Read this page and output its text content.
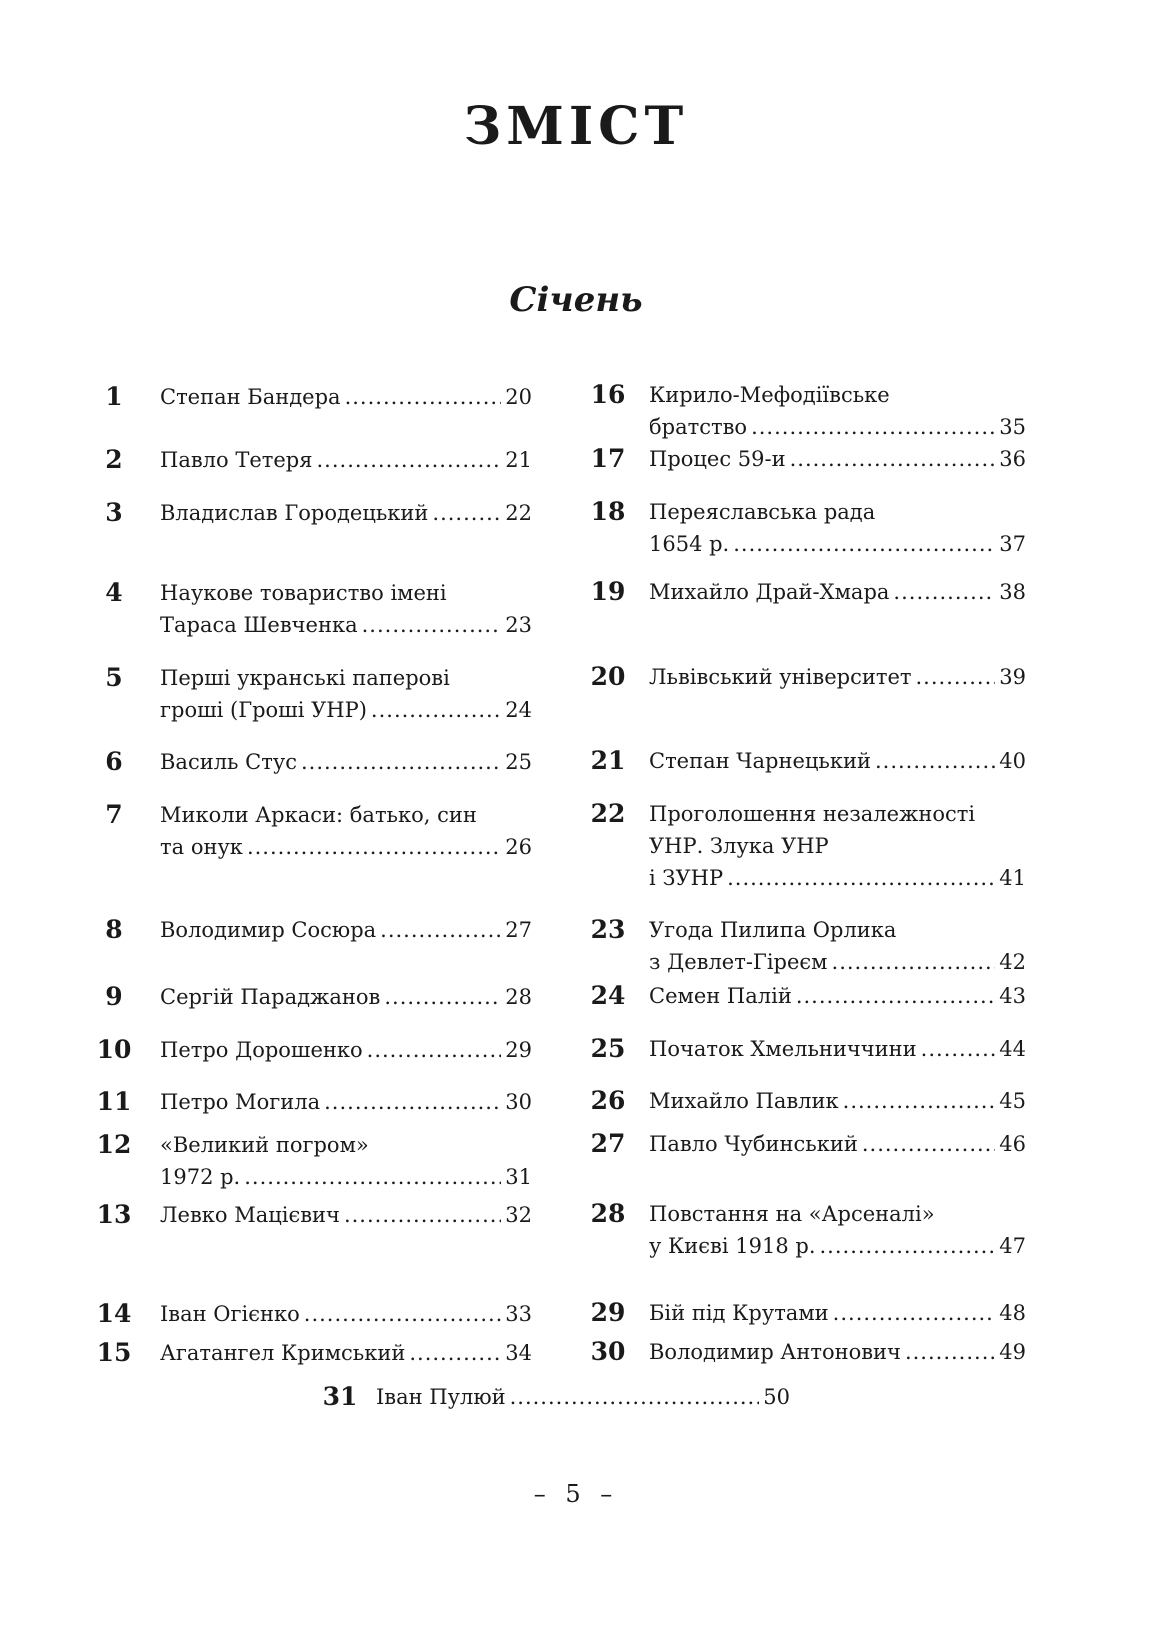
ЗМІСТ
Січень
1	Степан Бандера .....	20
2	Павло Тетеря .....	21
3	Владислав Городецький .....	22
4	Наукове товариство імені
Тараса Шевченка .....	23
5	Перші укранські паперові
гроші (Гроші УНР) .....	24
6	Василь Стус .....	25
7	Миколи Аркаси: батько, син
та онук .....	26
8	Володимир Сосюра .....	27
9	Сергій Параджанов .....	28
10 Петро Дорошенко .....	29
11 Петро Могила .....	30
12 «Великий погром»
1972 р. .....	31
13 Левко Мацієвич .....	32
14 Іван Огієнко .....	33
15 Агатангел Кримський .....	34
16 Кирило-Мефодіївське
братство .....	35
17 Процес 59-и .....	36
18 Переяславська рада
1654 р. .....	37
19 Михайло Драй-Хмара .....	38
20 Львівський університет .....	39
21 Степан Чарнецький .....	40
22 Проголошення незалежності
УНР. Злука УНР
і ЗУНР .....	41
23 Угода Пилипа Орлика
з Девлет-Гіреєм .....	42
24 Семен Палій .....	43
25 Початок Хмельниччини .....	44
26 Михайло Павлик .....	45
27 Павло Чубинський .....	46
28 Повстання на «Арсеналі»
у Києві 1918 р. .....	47
29 Бій під Крутами .....	48
30 Володимир Антонович .....	49
31 Іван Пулюй .....	50
– 5 –
